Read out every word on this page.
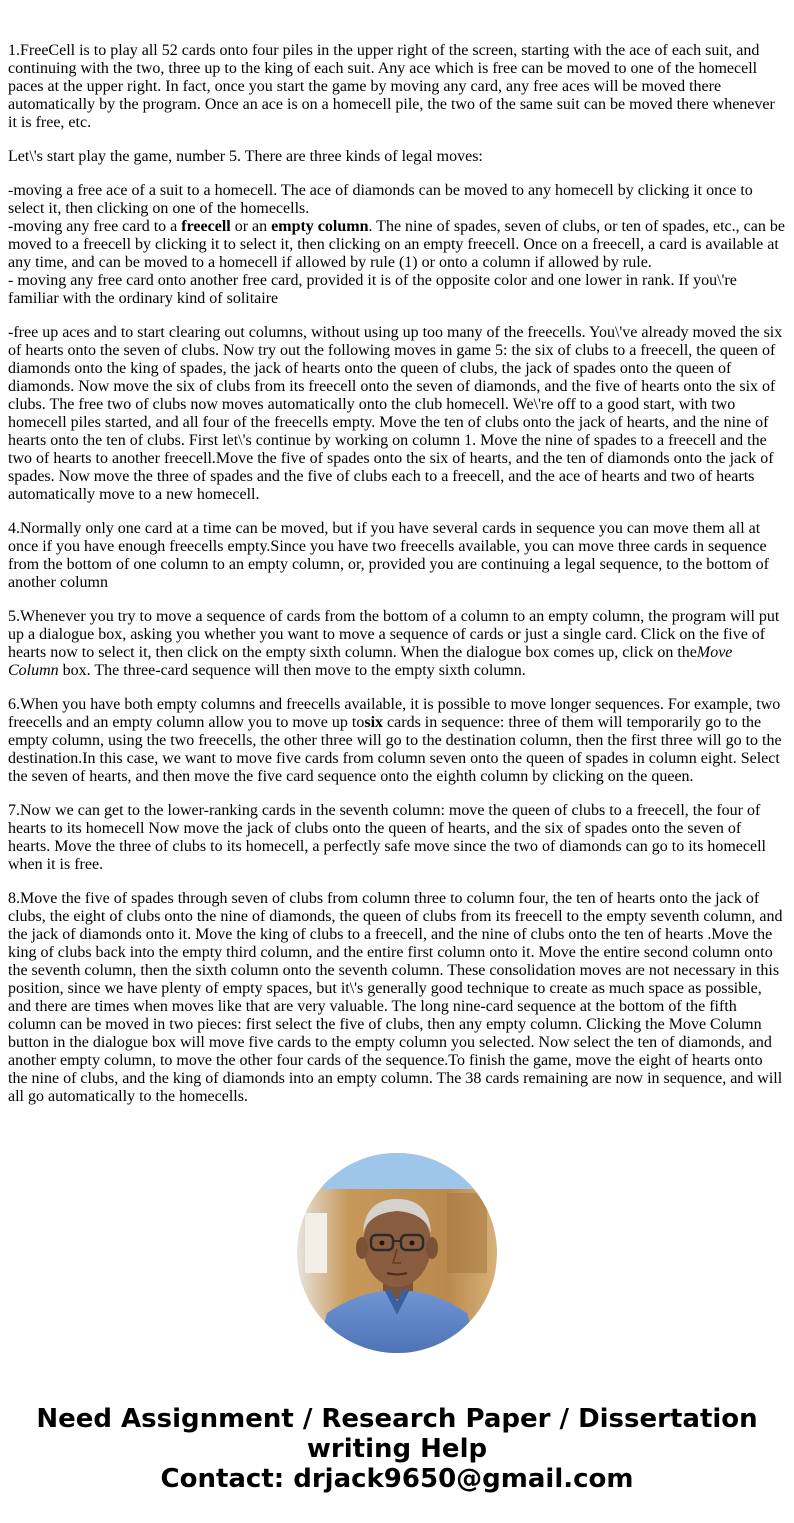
1.FreeCell is to play all 52 cards onto four piles in the upper right of the screen, starting with the ace of each suit, and continuing with the two, three up to the king of each suit. Any ace which is free can be moved to one of the homecell paces at the upper right. In fact, once you start the game by moving any card, any free aces will be moved there automatically by the program. Once an ace is on a homecell pile, the two of the same suit can be moved there whenever it is free, etc.

Let\'s start play the game, number 5. There are three kinds of legal moves:

-moving a free ace of a suit to a homecell. The ace of diamonds can be moved to any homecell by clicking it once to select it, then clicking on one of the homecells.
-moving any free card to a freecell or an empty column. The nine of spades, seven of clubs, or ten of spades, etc., can be moved to a freecell by clicking it to select it, then clicking on an empty freecell. Once on a freecell, a card is available at any time, and can be moved to a homecell if allowed by rule (1) or onto a column if allowed by rule.
- moving any free card onto another free card, provided it is of the opposite color and one lower in rank. If you\'re familiar with the ordinary kind of solitaire

-free up aces and to start clearing out columns, without using up too many of the freecells. You\'ve already moved the six of hearts onto the seven of clubs. Now try out the following moves in game 5: the six of clubs to a freecell, the queen of diamonds onto the king of spades, the jack of hearts onto the queen of clubs, the jack of spades onto the queen of diamonds. Now move the six of clubs from its freecell onto the seven of diamonds, and the five of hearts onto the six of clubs. The free two of clubs now moves automatically onto the club homecell. We\'re off to a good start, with two homecell piles started, and all four of the freecells empty. Move the ten of clubs onto the jack of hearts, and the nine of hearts onto the ten of clubs. First let\'s continue by working on column 1. Move the nine of spades to a freecell and the two of hearts to another freecell.Move the five of spades onto the six of hearts, and the ten of diamonds onto the jack of spades. Now move the three of spades and the five of clubs each to a freecell, and the ace of hearts and two of hearts automatically move to a new homecell.

4.Normally only one card at a time can be moved, but if you have several cards in sequence you can move them all at once if you have enough freecells empty.Since you have two freecells available, you can move three cards in sequence from the bottom of one column to an empty column, or, provided you are continuing a legal sequence, to the bottom of another column

5.Whenever you try to move a sequence of cards from the bottom of a column to an empty column, the program will put up a dialogue box, asking you whether you want to move a sequence of cards or just a single card. Click on the five of hearts now to select it, then click on the empty sixth column. When the dialogue box comes up, click on theMove Column box. The three-card sequence will then move to the empty sixth column.

6.When you have both empty columns and freecells available, it is possible to move longer sequences. For example, two freecells and an empty column allow you to move up tosix cards in sequence: three of them will temporarily go to the empty column, using the two freecells, the other three will go to the destination column, then the first three will go to the destination.In this case, we want to move five cards from column seven onto the queen of spades in column eight. Select the seven of hearts, and then move the five card sequence onto the eighth column by clicking on the queen.

7.Now we can get to the lower-ranking cards in the seventh column: move the queen of clubs to a freecell, the four of hearts to its homecell Now move the jack of clubs onto the queen of hearts, and the six of spades onto the seven of hearts. Move the three of clubs to its homecell, a perfectly safe move since the two of diamonds can go to its homecell when it is free.

8.Move the five of spades through seven of clubs from column three to column four, the ten of hearts onto the jack of clubs, the eight of clubs onto the nine of diamonds, the queen of clubs from its freecell to the empty seventh column, and the jack of diamonds onto it. Move the king of clubs to a freecell, and the nine of clubs onto the ten of hearts .Move the king of clubs back into the empty third column, and the entire first column onto it. Move the entire second column onto the seventh column, then the sixth column onto the seventh column. These consolidation moves are not necessary in this position, since we have plenty of empty spaces, but it\'s generally good technique to create as much space as possible, and there are times when moves like that are very valuable. The long nine-card sequence at the bottom of the fifth column can be moved in two pieces: first select the five of clubs, then any empty column. Clicking the Move Column button in the dialogue box will move five cards to the empty column you selected. Now select the ten of diamonds, and another empty column, to move the other four cards of the sequence.To finish the game, move the eight of hearts onto the nine of clubs, and the king of diamonds into an empty column. The 38 cards remaining are now in sequence, and will all go automatically to the homecells.

Need Assignment / Research Paper / Dissertation writing Help
Contact: drjack9650@gmail.com
